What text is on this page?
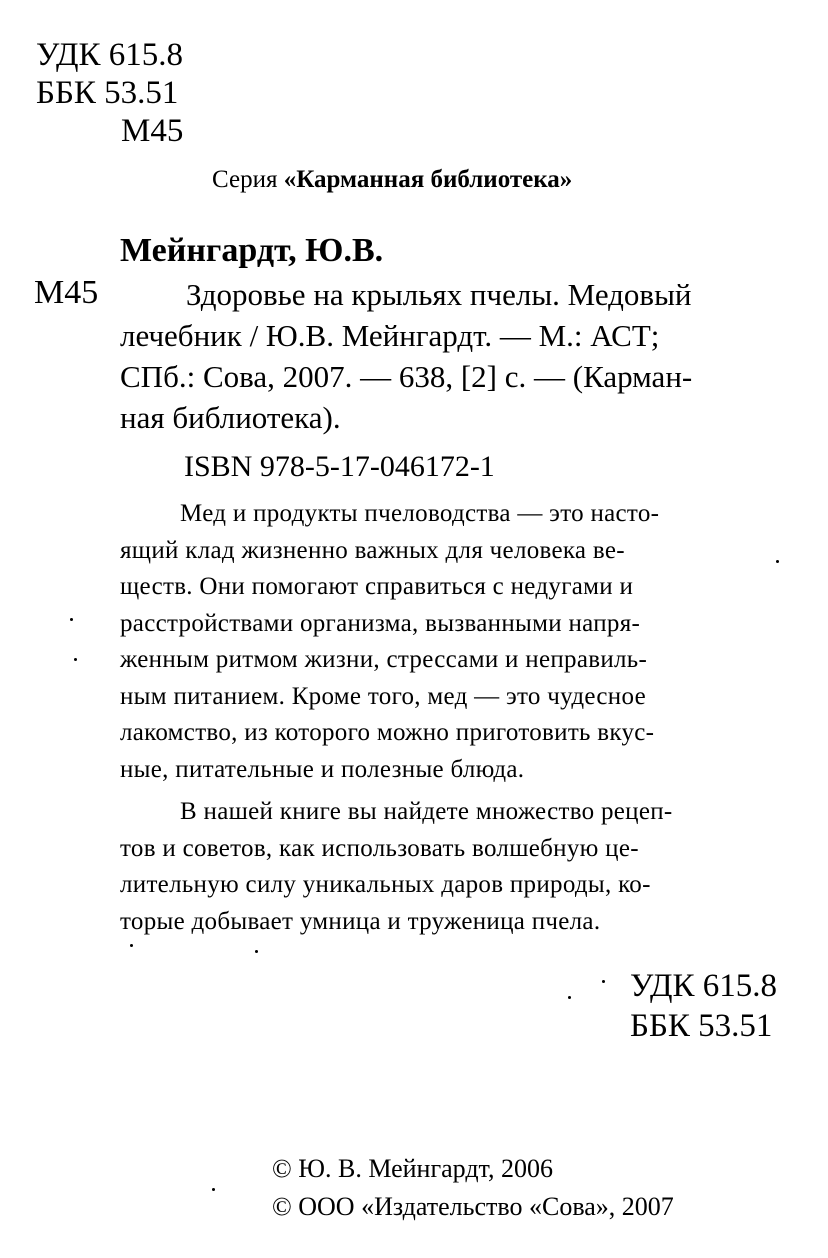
УДК 615.8
ББК 53.51
М45
Серия «Карманная библиотека»
Мейнгардт, Ю.В.
М45	Здоровье на крыльях пчелы. Медовый
лечебник / Ю.В. Мейнгардт. — М.: АСТ;
СПб.: Сова, 2007. — 638, [2] с. — (Карман-
ная библиотека).
ISBN 978-5-17-046172-1
Мед и продукты пчеловодства — это насто-
ящий клад жизненно важных для человека ве-
ществ. Они помогают справиться с недугами и
расстройствами организма, вызванными напря-
женным ритмом жизни, стрессами и неправиль-
ным питанием. Кроме того, мед — это чудесное
лакомство, из которого можно приготовить вкус-
ные, питательные и полезные блюда.
В нашей книге вы найдете множество рецеп-
тов и советов, как использовать волшебную це-
лительную силу уникальных даров природы, ко-
торые добывает умница и труженица пчела.
УДК 615.8
ББК 53.51
© Ю. В. Мейнгардт, 2006
© ООО «Издательство «Сова», 2007
